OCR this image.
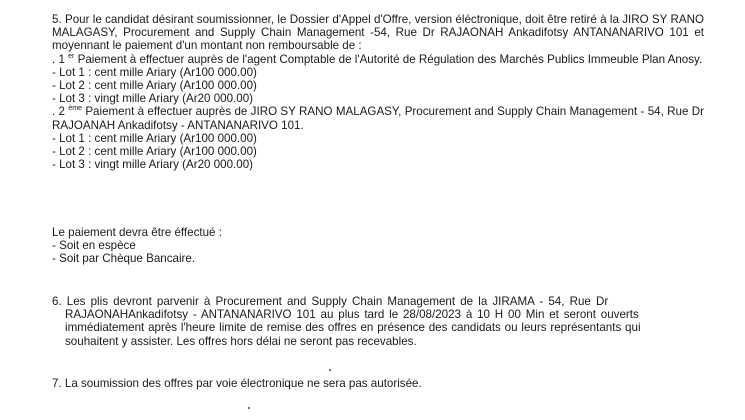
5. Pour le candidat désirant soumissionner, le Dossier d'Appel d'Offre, version éléctronique, doit être retiré à la JIRO SY RANO MALAGASY, Procurement and Supply Chain Management -54, Rue Dr RAJAONAH Ankadifotsy ANTANANARIVO 101 et moyennant le paiement d'un montant non remboursable de :
. 1 $^{er}$ Paiement à effectuer auprès de l'agent Comptable de l'Autorité de Régulation des Marchés Publics Immeuble Plan Anosy.
- Lot 1 : cent mille Ariary (Ar100 000.00)
- Lot 2 : cent mille Ariary (Ar100 000.00)
- Lot 3 : vingt mille Ariary (Ar20 000.00)
. 2 $^{ème}$ Paiement à effectuer auprès de JIRO SY RANO MALAGASY, Procurement and Supply Chain Management - 54, Rue Dr RAJOANAH Ankadifotsy - ANTANANARIVO 101.
- Lot 1 : cent mille Ariary (Ar100 000.00)
- Lot 2 : cent mille Ariary (Ar100 000.00)
- Lot 3 : vingt mille Ariary (Ar20 000.00)
Le paiement devra être éffectué :
- Soit en espèce
- Soit par Chèque Bancaire.
6. Les plis devront parvenir à Procurement and Supply Chain Management de la JIRAMA - 54, Rue Dr
RAJAONAHAnkadifotsy - ANTANANARIVO 101 au plus tard le 28/08/2023 à 10 H 00 Min et seront ouverts
immédiatement après l'heure limite de remise des offres en présence des candidats ou leurs représentants qui
souhaitent y assister. Les offres hors délai ne seront pas recevables.
7. La soumission des offres par voie électronique ne sera pas autorisée.
